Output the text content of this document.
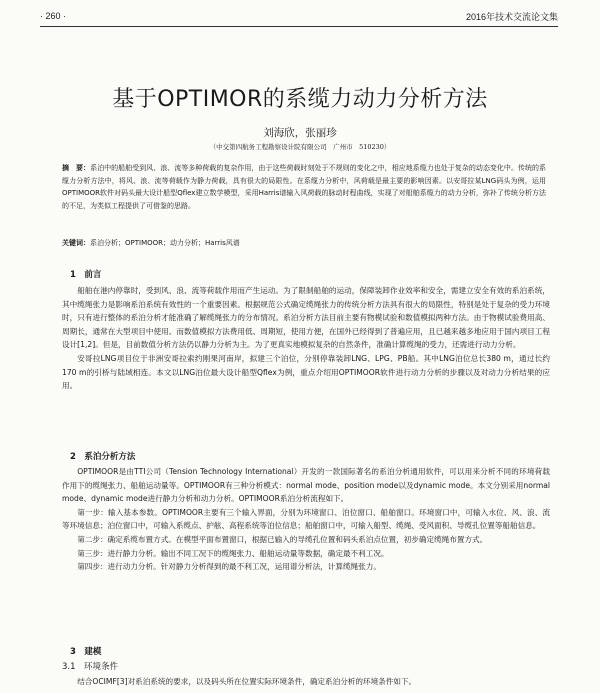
· 260 ·	2016年技术交流论文集
基于OPTIMOR的系缆力动力分析方法
刘海欣，张丽珍
（中交第四航务工程勘察设计院有限公司　广州市　510230）
摘　要：系泊中的船舶受到风、浪、流等多种荷载的复杂作用，由于这些荷载时刻处于不规则的变化之中，相应地系缆力也处于复杂的动态变化中。传统的系缆力分析方法中，将风、浪、流等荷载作为静力荷载，具有很大的局限性。在系缆力分析中，风荷载是最主要的影响因素。以安哥拉某LNG码头为例，运用OPTIMOOR软件对码头最大设计船型Qflex建立数学模型，采用Harris谱输入风荷载的脉动时程曲线，实现了对船舶系缆力的动力分析，弥补了传统分析方法的不足，为类似工程提供了可借鉴的思路。
关键词：系泊分析；OPTIMOOR；动力分析；Harris风谱
1　前言

船舶在港内停靠时，受到风、浪、流等荷载作用而产生运动。为了限制船舶的运动，保障装卸作业效率和安全，需建立安全有效的系泊系统，其中缆绳张力是影响系泊系统有效性的一个重要因素。根据规范公式确定缆绳张力的传统分析方法具有很大的局限性，特别是处于复杂的受力环境时，只有进行整体的系泊分析才能准确了解缆绳张力的分布情况。系泊分析方法目前主要有物模试验和数值模拟两种方法。由于物模试验费用高、周期长，通常在大型项目中使用。而数值模拟方法费用低、周期短，使用方便，在国外已经得到了普遍应用，且已越来越多地应用于国内项目工程设计[1,2]。但是，目前数值分析方法仍以静力分析为主。为了更真实地模拟复杂的自然条件，准确计算缆绳的受力，还需进行动力分析。

安哥拉LNG项目位于非洲安哥拉索约刚果河南岸，拟建三个泊位，分别停靠装卸LNG、LPG、PB船。其中LNG泊位总长380 m，通过长约170 m的引桥与陆域相连。本文以LNG泊位最大设计船型Qflex为例，重点介绍用OPTIMOOR软件进行动力分析的步骤以及对动力分析结果的应用。

2　系泊分析方法

OPTIMOOR是由TTI公司（Tension Technology International）开发的一款国际著名的系泊分析通用软件，可以用来分析不同的环境荷载作用下的缆绳张力、船舶运动量等。OPTIMOOR有三种分析模式：normal mode、position mode以及dynamic mode。本文分别采用normal mode、dynamic mode进行静力分析和动力分析。OPTIMOOR系泊分析流程如下。

第一步：输入基本参数。OPTIMOOR主要有三个输入界面，分别为环境窗口、泊位窗口、船舶窗口。环境窗口中，可输入水位、风、浪、流等环境信息；泊位窗口中，可输入系缆点、护舷、高程系统等泊位信息；船舶窗口中，可输入船型、缆绳、受风面积、导缆孔位置等船舶信息。

第二步：确定系缆布置方式。在模型平面布置窗口，根据已输入的导缆孔位置和码头系泊点位置，初步确定缆绳布置方式。

第三步：进行静力分析。输出不同工况下的缆绳张力、船舶运动量等数据，确定最不利工况。

第四步：进行动力分析。针对静力分析得到的最不利工况，运用谱分析法，计算缆绳张力。

3　建模
3.1　环境条件

结合OCIMF[3]对系泊系统的要求，以及码头所在位置实际环境条件，确定系泊分析的环境条件如下。
